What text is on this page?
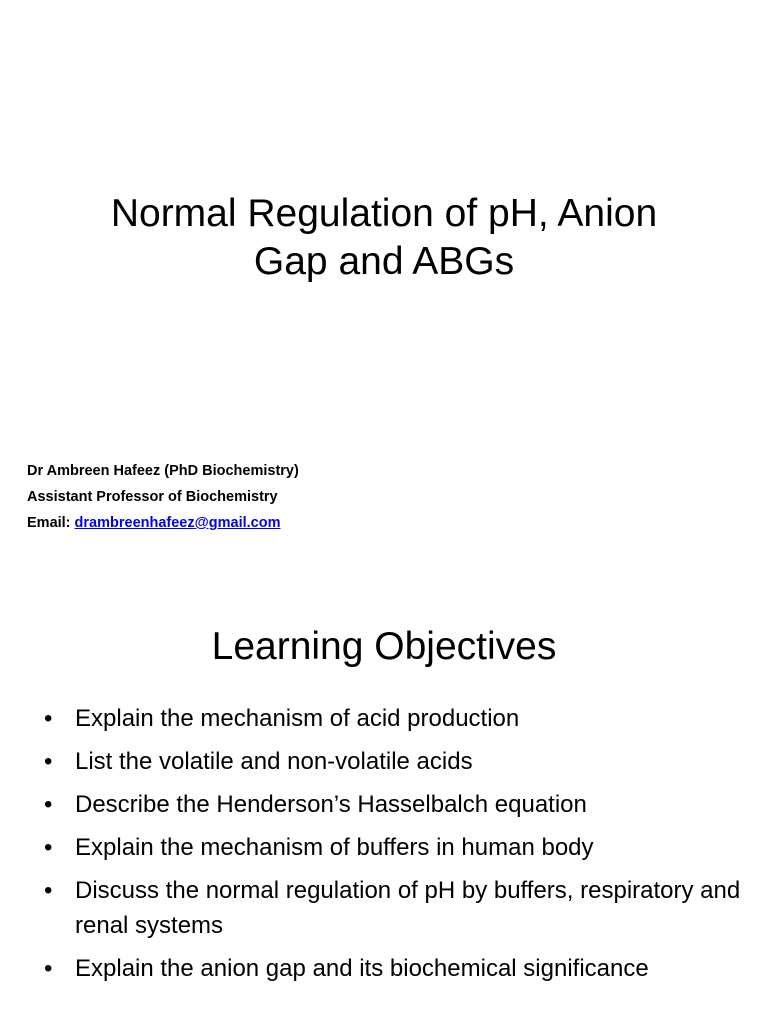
Normal Regulation of pH, Anion
Gap and ABGs
Dr Ambreen Hafeez (PhD Biochemistry)
Assistant Professor of Biochemistry
Email: drambreenhafeez@gmail.com
Learning Objectives
• Explain the mechanism of acid production
• List the volatile and non-volatile acids
• Describe the Henderson’s Hasselbalch equation
• Explain the mechanism of buffers in human body
• Discuss the normal regulation of pH by buffers, respiratory and renal systems
• Explain the anion gap and its biochemical significance
